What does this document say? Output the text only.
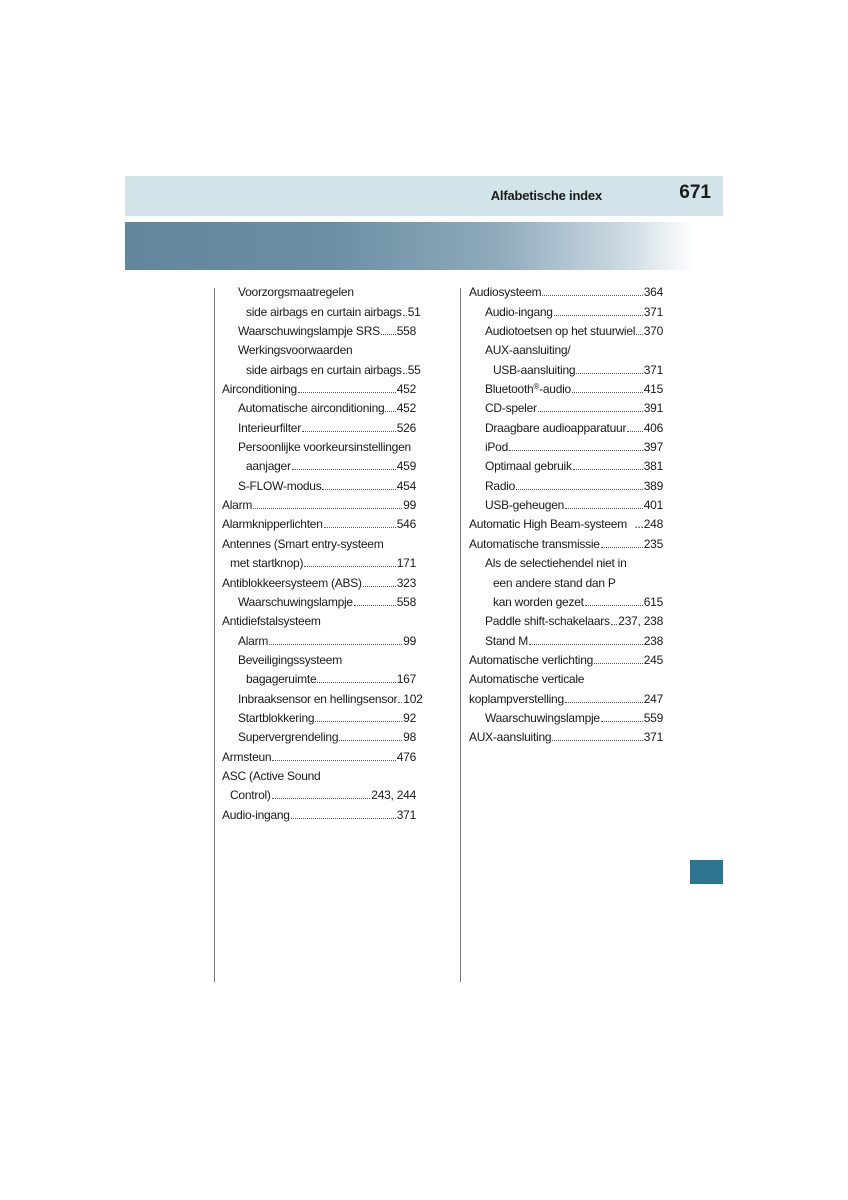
Alfabetische index	671
Voorzorgsmaatregelen
side airbags en curtain airbags 51
Waarschuwingslampje SRS 558
Werkingsvoorwaarden
side airbags en curtain airbags 55
Airconditioning	452
Automatische airconditioning 452
Interieurfilter	526
Persoonlijke voorkeursinstellingen
aanjager	459
S-FLOW-modus	454
Alarm	99
Alarmknipperlichten	546
Antennes (Smart entry-systeem
met startknop)	171
Antiblokkeersysteem (ABS)	323
Waarschuwingslampje	558
Antidiefstalsysteem
Alarm	99
Beveiligingssysteem
bagageruimte	167
Inbraaksensor en hellingsensor 102
Startblokkering	92
Supervergrendeling	98
Armsteun	476
ASC (Active Sound
Control)	243, 244
Audio-ingang	371
Audiosysteem	364
Audio-ingang	371
Audiotoetsen op het stuurwiel 370
AUX-aansluiting/
USB-aansluiting	371
Bluetooth®-audio	415
CD-speler	391
Draagbare audioapparatuur 406
iPod	397
Optimaal gebruik	381
Radio	389
USB-geheugen	401
Automatic High Beam-systeem ... 248
Automatische transmissie	235
Als de selectiehendel niet in
een andere stand dan P
kan worden gezet	615
Paddle shift-schakelaars 237, 238
Stand M	238
Automatische verlichting	245
Automatische verticale
koplampverstelling	247
Waarschuwingslampje	559
AUX-aansluiting	371
